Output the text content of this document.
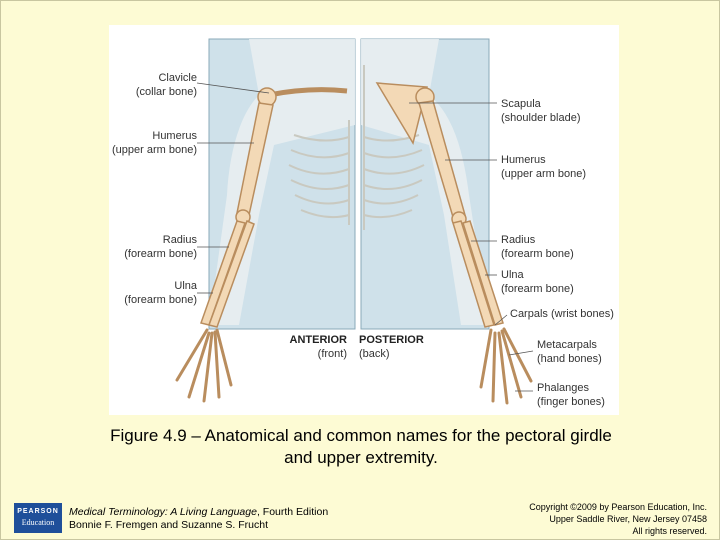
Clavicle
(collar bone)
Humerus
(upper arm bone)
Radius
(forearm bone)
Ulna
(forearm bone)
Scapula
(shoulder blade)
Humerus
(upper arm bone)
Radius
(forearm bone)
Ulna
(forearm bone)
Carpals (wrist bones)
Metacarpals
(hand bones)
Phalanges
(finger bones)
ANTERIOR
(front)
POSTERIOR
(back)
Figure 4.9 – Anatomical and common names for the pectoral girdle
and upper extremity.
PEARSON
Education
Medical Terminology: A Living Language, Fourth Edition
Bonnie F. Fremgen and Suzanne S. Frucht
Copyright ©2009 by Pearson Education, Inc.
Upper Saddle River, New Jersey 07458
All rights reserved.
